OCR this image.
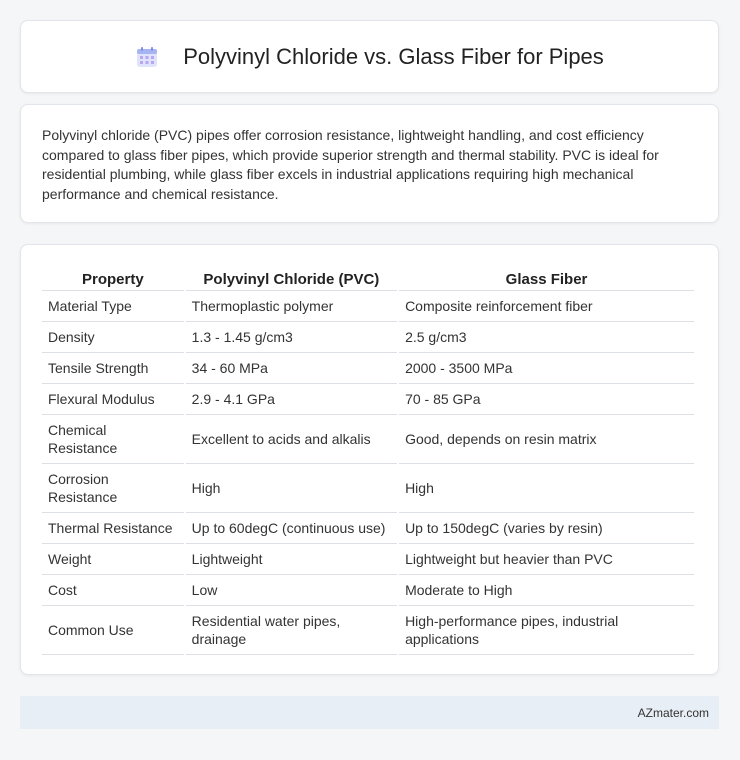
Polyvinyl Chloride vs. Glass Fiber for Pipes

Polyvinyl chloride (PVC) pipes offer corrosion resistance, lightweight handling, and cost efficiency compared to glass fiber pipes, which provide superior strength and thermal stability. PVC is ideal for residential plumbing, while glass fiber excels in industrial applications requiring high mechanical performance and chemical resistance.

Property	Polyvinyl Chloride (PVC)	Glass Fiber
Material Type	Thermoplastic polymer	Composite reinforcement fiber
Density	1.3 - 1.45 g/cm3	2.5 g/cm3
Tensile Strength	34 - 60 MPa	2000 - 3500 MPa
Flexural Modulus	2.9 - 4.1 GPa	70 - 85 GPa
Chemical Resistance	Excellent to acids and alkalis	Good, depends on resin matrix
Corrosion Resistance	High	High
Thermal Resistance	Up to 60degC (continuous use)	Up to 150degC (varies by resin)
Weight	Lightweight	Lightweight but heavier than PVC
Cost	Low	Moderate to High
Common Use	Residential water pipes, drainage	High-performance pipes, industrial applications
AZmater.com
